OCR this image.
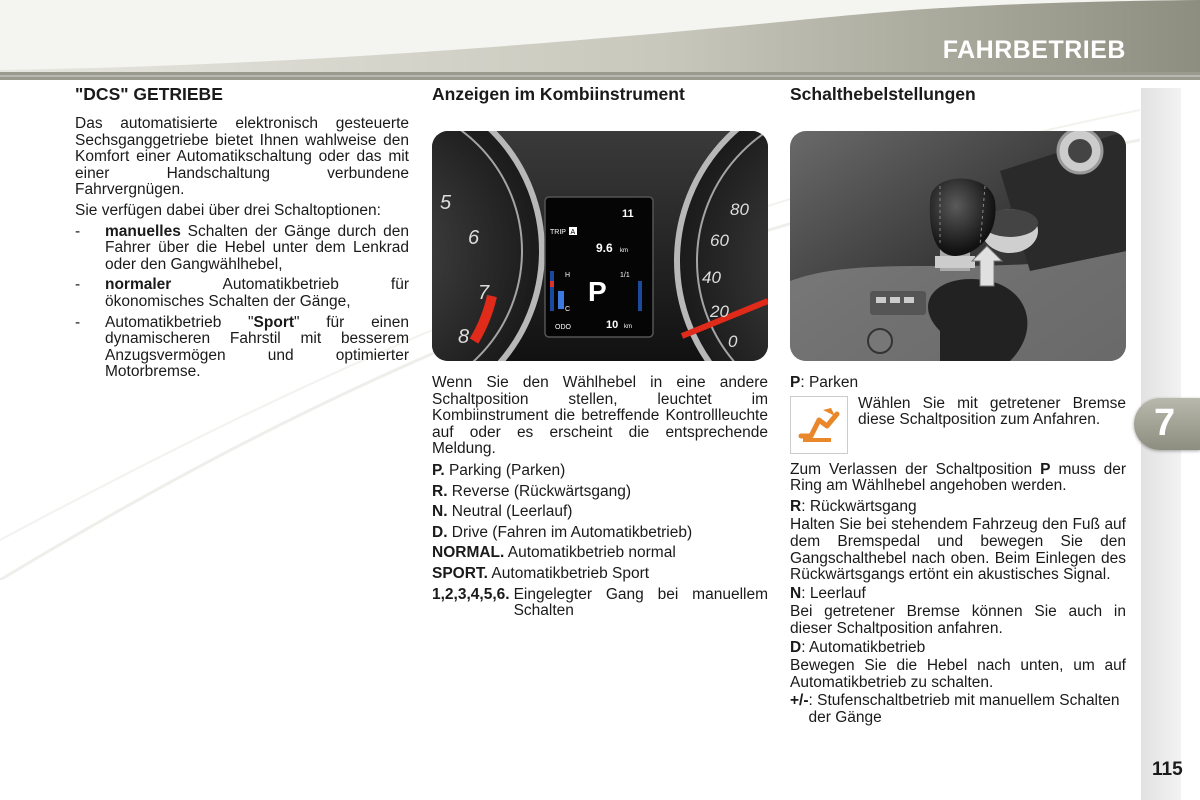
FAHRBETRIEB
7
115
"DCS" GETRIEBE

Das automatisierte elektronisch gesteuerte Sechsganggetriebe bietet Ihnen wahlweise den Komfort einer Automatikschaltung oder das mit einer Handschaltung verbundene Fahrvergnügen.

Sie verfügen dabei über drei Schaltoptionen:

-	manuelles Schalten der Gänge durch den Fahrer über die Hebel unter dem Lenkrad oder den Gangwählhebel,
-	normaler Automatikbetrieb für ökonomisches Schalten der Gänge,
-	Automatikbetrieb "Sport" für einen dynamischeren Fahrstil mit besserem Anzugsvermögen und optimierter Motorbremse.
Anzeigen im Kombiinstrument
5
6
7
8
80
60
40
20
0
11
TRIP A
9.6 km
H	1/1
P
C
ODO	10 km

Wenn Sie den Wählhebel in eine andere Schaltposition stellen, leuchtet im Kombiinstrument die betreffende Kontrollleuchte auf oder es erscheint die entsprechende Meldung.

P. Parking (Parken)
R. Reverse (Rückwärtsgang)
N. Neutral (Leerlauf)
D. Drive (Fahren im Automatikbetrieb)
NORMAL. Automatikbetrieb normal
SPORT. Automatikbetrieb Sport
1,2,3,4,5,6. Eingelegter Gang bei manuellem Schalten
Schalthebelstellungen

P: Parken

Wählen Sie mit getretener Bremse diese Schaltposition zum Anfahren.

Zum Verlassen der Schaltposition P muss der Ring am Wählhebel angehoben werden.

R: Rückwärtsgang

Halten Sie bei stehendem Fahrzeug den Fuß auf dem Bremspedal und bewegen Sie den Gangschalthebel nach oben. Beim Einlegen des Rückwärtsgangs ertönt ein akustisches Signal.

N: Leerlauf

Bei getretener Bremse können Sie auch in dieser Schaltposition anfahren.

D: Automatikbetrieb

Bewegen Sie die Hebel nach unten, um auf Automatikbetrieb zu schalten.

+/- : Stufenschaltbetrieb mit manuellem Schalten der Gänge
